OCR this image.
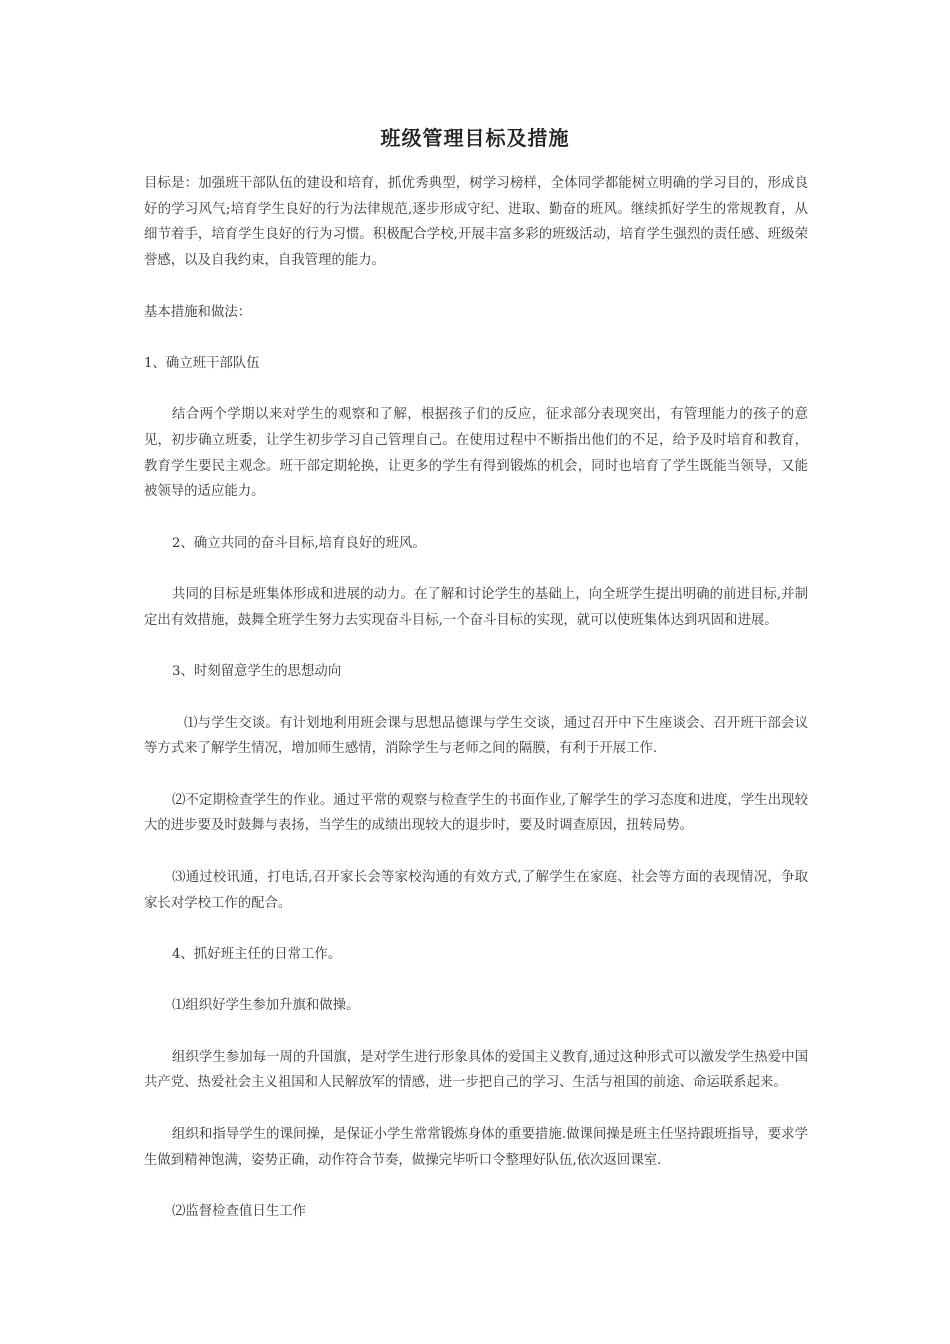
班级管理目标及措施

目标是：加强班干部队伍的建设和培育，抓优秀典型，树学习榜样，全体同学都能树立明确的学习目的，形成良好的学习风气;培育学生良好的行为法律规范,逐步形成守纪、进取、勤奋的班风。继续抓好学生的常规教育，从细节着手，培育学生良好的行为习惯。积极配合学校,开展丰富多彩的班级活动，培育学生强烈的责任感、班级荣誉感，以及自我约束，自我管理的能力。

基本措施和做法：

1、确立班干部队伍

结合两个学期以来对学生的观察和了解，根据孩子们的反应，征求部分表现突出，有管理能力的孩子的意见，初步确立班委，让学生初步学习自己管理自己。在使用过程中不断指出他们的不足，给予及时培育和教育，教育学生要民主观念。班干部定期轮换，让更多的学生有得到锻炼的机会，同时也培育了学生既能当领导，又能被领导的适应能力。

2、确立共同的奋斗目标,培育良好的班风。

共同的目标是班集体形成和进展的动力。在了解和讨论学生的基础上，向全班学生提出明确的前进目标,并制定出有效措施，鼓舞全班学生努力去实现奋斗目标,一个奋斗目标的实现，就可以使班集体达到巩固和进展。

3、时刻留意学生的思想动向

⑴与学生交谈。有计划地利用班会课与思想品德课与学生交谈，通过召开中下生座谈会、召开班干部会议等方式来了解学生情况，增加师生感情，消除学生与老师之间的隔膜，有利于开展工作.

⑵不定期检查学生的作业。通过平常的观察与检查学生的书面作业,了解学生的学习态度和进度，学生出现较大的进步要及时鼓舞与表扬，当学生的成绩出现较大的退步时，要及时调查原因，扭转局势。

⑶通过校讯通，打电话,召开家长会等家校沟通的有效方式,了解学生在家庭、社会等方面的表现情况，争取家长对学校工作的配合。

4、抓好班主任的日常工作。

⑴组织好学生参加升旗和做操。

组织学生参加每一周的升国旗，是对学生进行形象具体的爱国主义教育,通过这种形式可以激发学生热爱中国共产党、热爱社会主义祖国和人民解放军的情感，进一步把自己的学习、生活与祖国的前途、命运联系起来。

组织和指导学生的课间操，是保证小学生常常锻炼身体的重要措施.做课间操是班主任坚持跟班指导，要求学生做到精神饱满，姿势正确，动作符合节奏，做操完毕听口令整理好队伍,依次返回课室.

⑵监督检查值日生工作
